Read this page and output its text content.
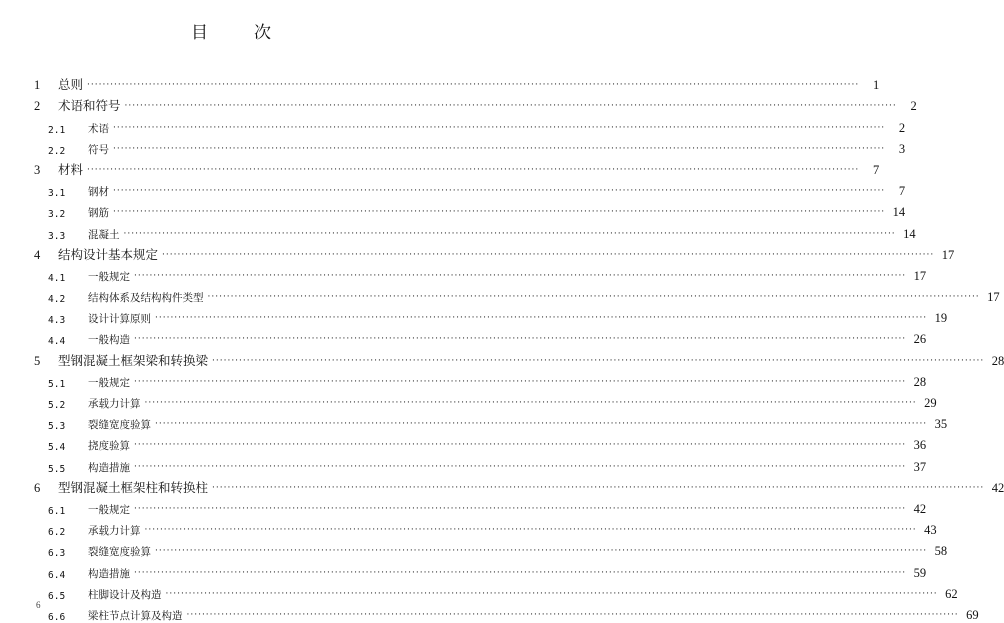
目	次
1	总则 ········································································································································································································	1
2	术语和符号 ········································································································································································································	2
2.1	术语 ········································································································································································································	2
2.2	符号 ········································································································································································································	3
3	材料 ········································································································································································································	7
3.1	钢材 ········································································································································································································	7
3.2	钢筋 ········································································································································································································ 14
3.3	混凝土 ········································································································································································································ 14
4	结构设计基本规定 ········································································································································································································ 17
4.1	一般规定 ········································································································································································································ 17
4.2	结构体系及结构构件类型 ········································································································································································································ 17
4.3	设计计算原则 ········································································································································································································ 19
4.4	一般构造 ········································································································································································································ 26
5	型钢混凝土框架梁和转换梁 ········································································································································································································ 28
5.1	一般规定 ········································································································································································································ 28
5.2	承载力计算 ········································································································································································································ 29
5.3	裂缝宽度验算 ········································································································································································································ 35
5.4	挠度验算 ········································································································································································································ 36
5.5	构造措施 ········································································································································································································ 37
6	型钢混凝土框架柱和转换柱 ········································································································································································································ 42
6.1	一般规定 ········································································································································································································ 42
6.2	承载力计算 ········································································································································································································ 43
6.3	裂缝宽度验算 ········································································································································································································ 58
6.4	构造措施 ········································································································································································································ 59
6.5	柱脚设计及构造 ········································································································································································································ 62
6.6	梁柱节点计算及构造 ········································································································································································································ 69
6
